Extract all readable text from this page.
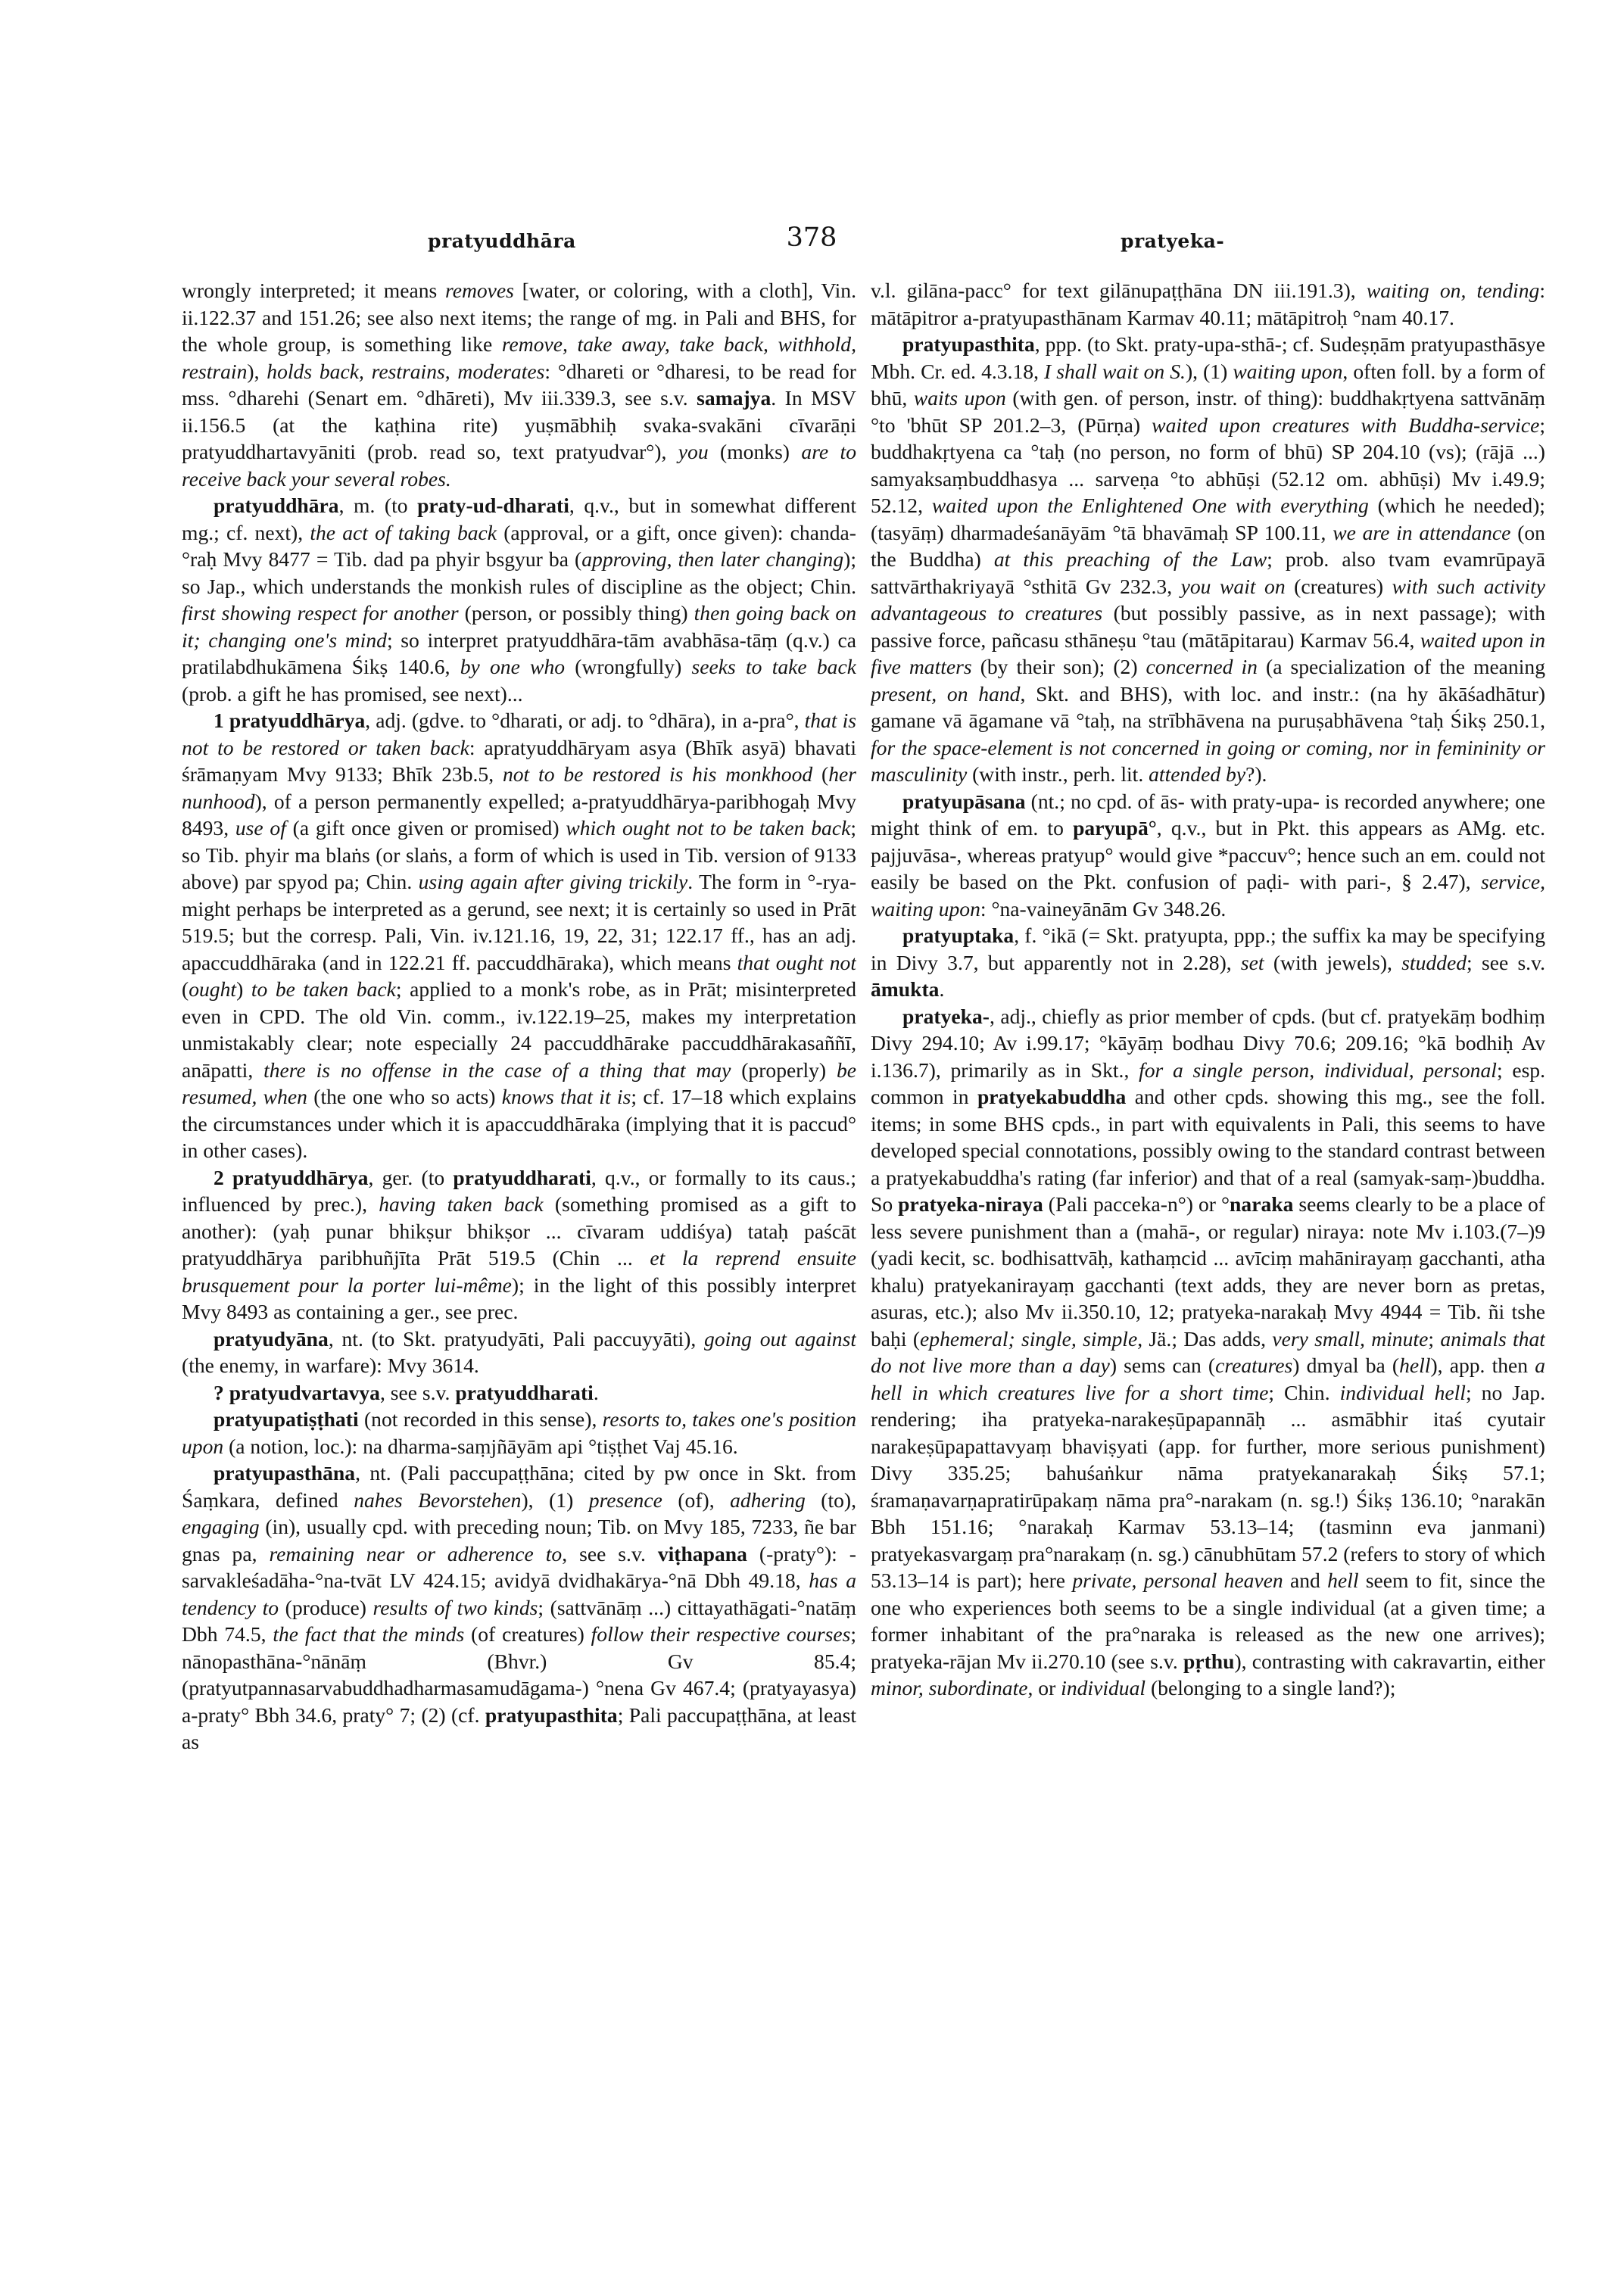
pratyuddhāra	378	pratyeka-

wrongly interpreted; it means removes [water, or coloring, with a cloth], Vin. ii.122.37 and 151.26; see also next items; the range of mg. in Pali and BHS, for the whole group, is something like remove, take away, take back, withhold, restrain), holds back, restrains, moderates: °dhareti or °dharesi, to be read for mss. °dharehi (Senart em. °dhāreti), Mv iii.339.3, see s.v. samajya. In MSV ii.156.5 (at the kaṭhina rite) yuṣmābhiḥ svaka-svakāni cīvarāṇi pratyuddhartavyāniti (prob. read so, text pratyudvar°), you (monks) are to receive back your several robes.

pratyuddhāra, m. (to praty-ud-dharati, q.v., but in somewhat different mg.; cf. next), the act of taking back (approval, or a gift, once given): chanda-°raḥ Mvy 8477 = Tib. dad pa phyir bsgyur ba (approving, then later changing); so Jap., which understands the monkish rules of discipline as the object; Chin. first showing respect for another (person, or possibly thing) then going back on it; changing one's mind; so interpret pratyuddhāra-tām avabhāsa-tāṃ (q.v.) ca pratilabdhukāmena Śikṣ 140.6, by one who (wrongfully) seeks to take back (prob. a gift he has promised, see next)...

1 pratyuddhārya, adj. (gdve. to °dharati, or adj. to °dhāra), in a-pra°, that is not to be restored or taken back: apratyuddhāryam asya (Bhīk asyā) bhavati śrāmaṇyam Mvy 9133; Bhīk 23b.5, not to be restored is his monkhood (her nunhood), of a person permanently expelled; a-pratyuddhārya-paribhogaḥ Mvy 8493, use of (a gift once given or promised) which ought not to be taken back; so Tib. phyir ma blaṅs (or slaṅs, a form of which is used in Tib. version of 9133 above) par spyod pa; Chin. using again after giving trickily. The form in °-rya- might perhaps be interpreted as a gerund, see next; it is certainly so used in Prāt 519.5; but the corresp. Pali, Vin. iv.121.16, 19, 22, 31; 122.17 ff., has an adj. apaccuddhāraka (and in 122.21 ff. paccuddhāraka), which means that ought not (ought) to be taken back; applied to a monk's robe, as in Prāt; misinterpreted even in CPD. The old Vin. comm., iv.122.19–25, makes my interpretation unmistakably clear; note especially 24 paccuddhārake paccuddhārakasaññī, anāpatti, there is no offense in the case of a thing that may (properly) be resumed, when (the one who so acts) knows that it is; cf. 17–18 which explains the circumstances under which it is apaccuddhāraka (implying that it is paccud° in other cases).

2 pratyuddhārya, ger. (to pratyuddharati, q.v., or formally to its caus.; influenced by prec.), having taken back (something promised as a gift to another): (yaḥ punar bhikṣur bhikṣor ... cīvaram uddiśya) tataḥ paścāt pratyuddhārya paribhuñjīta Prāt 519.5 (Chin ... et la reprend ensuite brusquement pour la porter lui-même); in the light of this possibly interpret Mvy 8493 as containing a ger., see prec.

pratyudyāna, nt. (to Skt. pratyudyāti, Pali paccuyyāti), going out against (the enemy, in warfare): Mvy 3614.

? pratyudvartavya, see s.v. pratyuddharati.

pratyupatiṣṭhati (not recorded in this sense), resorts to, takes one's position upon (a notion, loc.): na dharma-saṃjñāyām api °tiṣṭhet Vaj 45.16.

pratyupasthāna, nt. (Pali paccupaṭṭhāna; cited by pw once in Skt. from Śaṃkara, defined nahes Bevorstehen), (1) presence (of), adhering (to), engaging (in), usually cpd. with preceding noun; Tib. on Mvy 185, 7233, ñe bar gnas pa, remaining near or adherence to, see s.v. viṭhapana (-praty°): -sarvakleśadāha-°na-tvāt LV 424.15; avidyā dvidhakārya-°nā Dbh 49.18, has a tendency to (produce) results of two kinds; (sattvānāṃ ...) cittayathāgati-°natāṃ Dbh 74.5, the fact that the minds (of creatures) follow their respective courses; nānopasthāna-°nānāṃ (Bhvr.) Gv 85.4; (pratyutpannasarvabuddhadharmasamudāgama-) °nena Gv 467.4; (pratyayasya) a-praty° Bbh 34.6, praty° 7; (2) (cf. pratyupasthita; Pali paccupaṭṭhāna, at least as

v.l. gilāna-pacc° for text gilānupaṭṭhāna DN iii.191.3), waiting on, tending: mātāpitror a-pratyupasthānam Karmav 40.11; mātāpitroḥ °nam 40.17.

pratyupasthita, ppp. (to Skt. praty-upa-sthā-; cf. Sudeṣṇām pratyupasthāsye Mbh. Cr. ed. 4.3.18, I shall wait on S.), (1) waiting upon, often foll. by a form of bhū, waits upon (with gen. of person, instr. of thing): buddhakṛtyena sattvānāṃ °to 'bhūt SP 201.2–3, (Pūrṇa) waited upon creatures with Buddha-service; buddhakṛtyena ca °taḥ (no person, no form of bhū) SP 204.10 (vs); (rājā ...) samyaksaṃbuddhasya ... sarveṇa °to abhūṣi (52.12 om. abhūṣi) Mv i.49.9; 52.12, waited upon the Enlightened One with everything (which he needed); (tasyāṃ) dharmadeśanāyām °tā bhavāmaḥ SP 100.11, we are in attendance (on the Buddha) at this preaching of the Law; prob. also tvam evamrūpayā sattvārthakriyayā °sthitā Gv 232.3, you wait on (creatures) with such activity advantageous to creatures (but possibly passive, as in next passage); with passive force, pañcasu sthāneṣu °tau (mātāpitarau) Karmav 56.4, waited upon in five matters (by their son); (2) concerned in (a specialization of the meaning present, on hand, Skt. and BHS), with loc. and instr.: (na hy ākāśadhātur) gamane vā āgamane vā °taḥ, na strībhāvena na puruṣabhāvena °taḥ Śikṣ 250.1, for the space-element is not concerned in going or coming, nor in femininity or masculinity (with instr., perh. lit. attended by?).

pratyupāsana (nt.; no cpd. of ās- with praty-upa- is recorded anywhere; one might think of em. to paryupā°, q.v., but in Pkt. this appears as AMg. etc. pajjuvāsa-, whereas pratyup° would give *paccuv°; hence such an em. could not easily be based on the Pkt. confusion of paḍi- with pari-, § 2.47), service, waiting upon: °na-vaineyānām Gv 348.26.

pratyuptaka, f. °ikā (= Skt. pratyupta, ppp.; the suffix ka may be specifying in Divy 3.7, but apparently not in 2.28), set (with jewels), studded; see s.v. āmukta.

pratyeka-, adj., chiefly as prior member of cpds. (but cf. pratyekāṃ bodhiṃ Divy 294.10; Av i.99.17; °kāyāṃ bodhau Divy 70.6; 209.16; °kā bodhiḥ Av i.136.7), primarily as in Skt., for a single person, individual, personal; esp. common in pratyekabuddha and other cpds. showing this mg., see the foll. items; in some BHS cpds., in part with equivalents in Pali, this seems to have developed special connotations, possibly owing to the standard contrast between a pratyekabuddha's rating (far inferior) and that of a real (samyak-saṃ-)buddha. So pratyeka-niraya (Pali pacceka-n°) or °naraka seems clearly to be a place of less severe punishment than a (mahā-, or regular) niraya: note Mv i.103.(7–)9 (yadi kecit, sc. bodhisattvāḥ, kathaṃcid ... avīciṃ mahānirayaṃ gacchanti, atha khalu) pratyekanirayaṃ gacchanti (text adds, they are never born as pretas, asuras, etc.); also Mv ii.350.10, 12; pratyeka-narakaḥ Mvy 4944 = Tib. ñi tshe baḥi (ephemeral; single, simple, Jä.; Das adds, very small, minute; animals that do not live more than a day) sems can (creatures) dmyal ba (hell), app. then a hell in which creatures live for a short time; Chin. individual hell; no Jap. rendering; iha pratyeka-narakeṣūpapannāḥ ... asmābhir itaś cyutair narakeṣūpapattavyaṃ bhaviṣyati (app. for further, more serious punishment) Divy 335.25; bahuśaṅkur nāma pratyekanarakaḥ Śikṣ 57.1; śramaṇavarṇapratirūpakaṃ nāma pra°-narakam (n. sg.!) Śikṣ 136.10; °narakān Bbh 151.16; °narakaḥ Karmav 53.13–14; (tasminn eva janmani) pratyekasvargaṃ pra°narakaṃ (n. sg.) cānubhūtam 57.2 (refers to story of which 53.13–14 is part); here private, personal heaven and hell seem to fit, since the one who experiences both seems to be a single individual (at a given time; a former inhabitant of the pra°naraka is released as the new one arrives); pratyeka-rājan Mv ii.270.10 (see s.v. pṛthu), contrasting with cakravartin, either minor, subordinate, or individual (belonging to a single land?);
